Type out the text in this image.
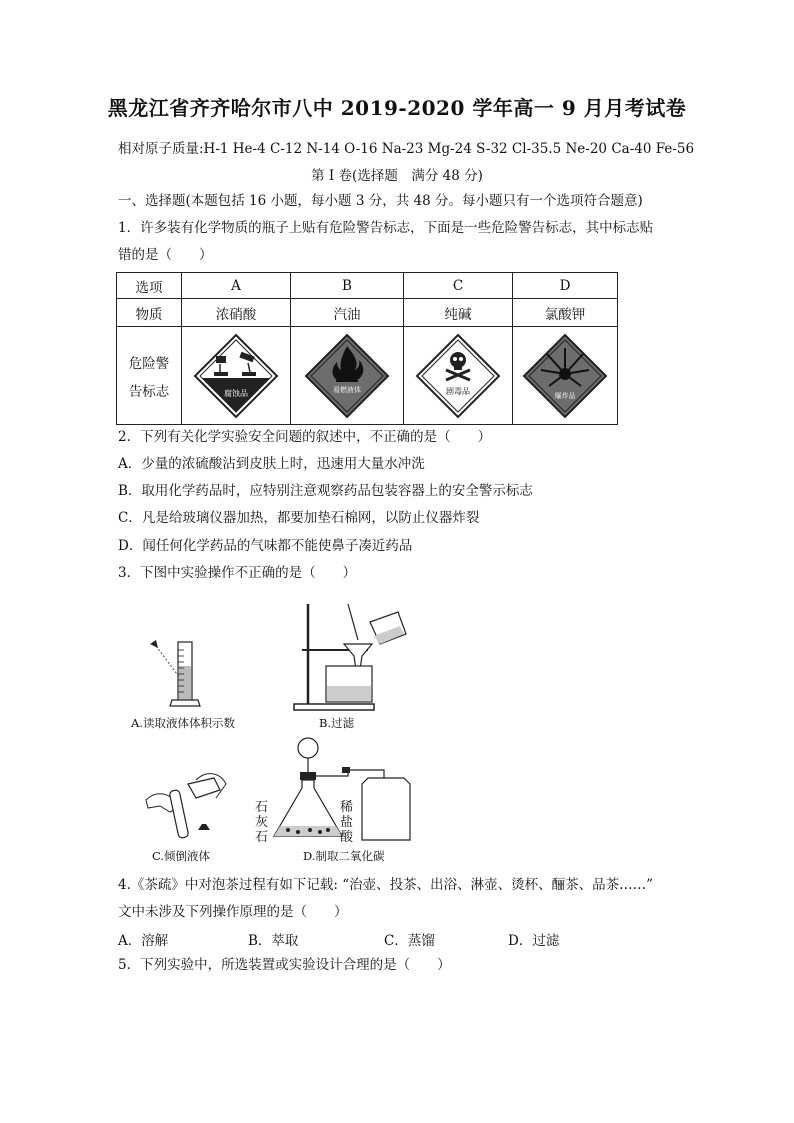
黑龙江省齐齐哈尔市八中 2019-2020 学年高一 9 月月考试卷
相对原子质量:H-1 He-4 C-12 N-14 O-16 Na-23 Mg-24 S-32 Cl-35.5 Ne-20 Ca-40 Fe-56
第 I 卷(选择题　满分 48 分)
一、选择题(本题包括 16 小题，每小题 3 分，共 48 分。每小题只有一个选项符合题意)
1．许多装有化学物质的瓶子上贴有危险警告标志，下面是一些危险警告标志，其中标志贴
错的是（　　）
选项	A	B	C	D
物质	浓硝酸	汽油	纯碱	氯酸钾

危险警
告标志	腐蚀品	易燃液体	剧毒品	爆炸品
2．下列有关化学实验安全问题的叙述中，不正确的是（　　）
A．少量的浓硫酸沾到皮肤上时，迅速用大量水冲洗
B．取用化学药品时，应特别注意观察药品包装容器上的安全警示标志
C．凡是给玻璃仪器加热，都要加垫石棉网，以防止仪器炸裂
D．闻任何化学药品的气味都不能使鼻子凑近药品
3．下图中实验操作不正确的是（　　）
A.读取液体体积示数	B.过滤
C.倾倒液体
石灰石
稀盐酸
D.制取二氧化碳
4.《茶疏》中对泡茶过程有如下记载: “治壶、投茶、出浴、淋壶、烫杯、酾茶、品茶……”
文中未涉及下列操作原理的是（　　）
A．溶解	B．萃取	C．蒸馏	D．过滤
5．下列实验中，所选装置或实验设计合理的是（　　）
